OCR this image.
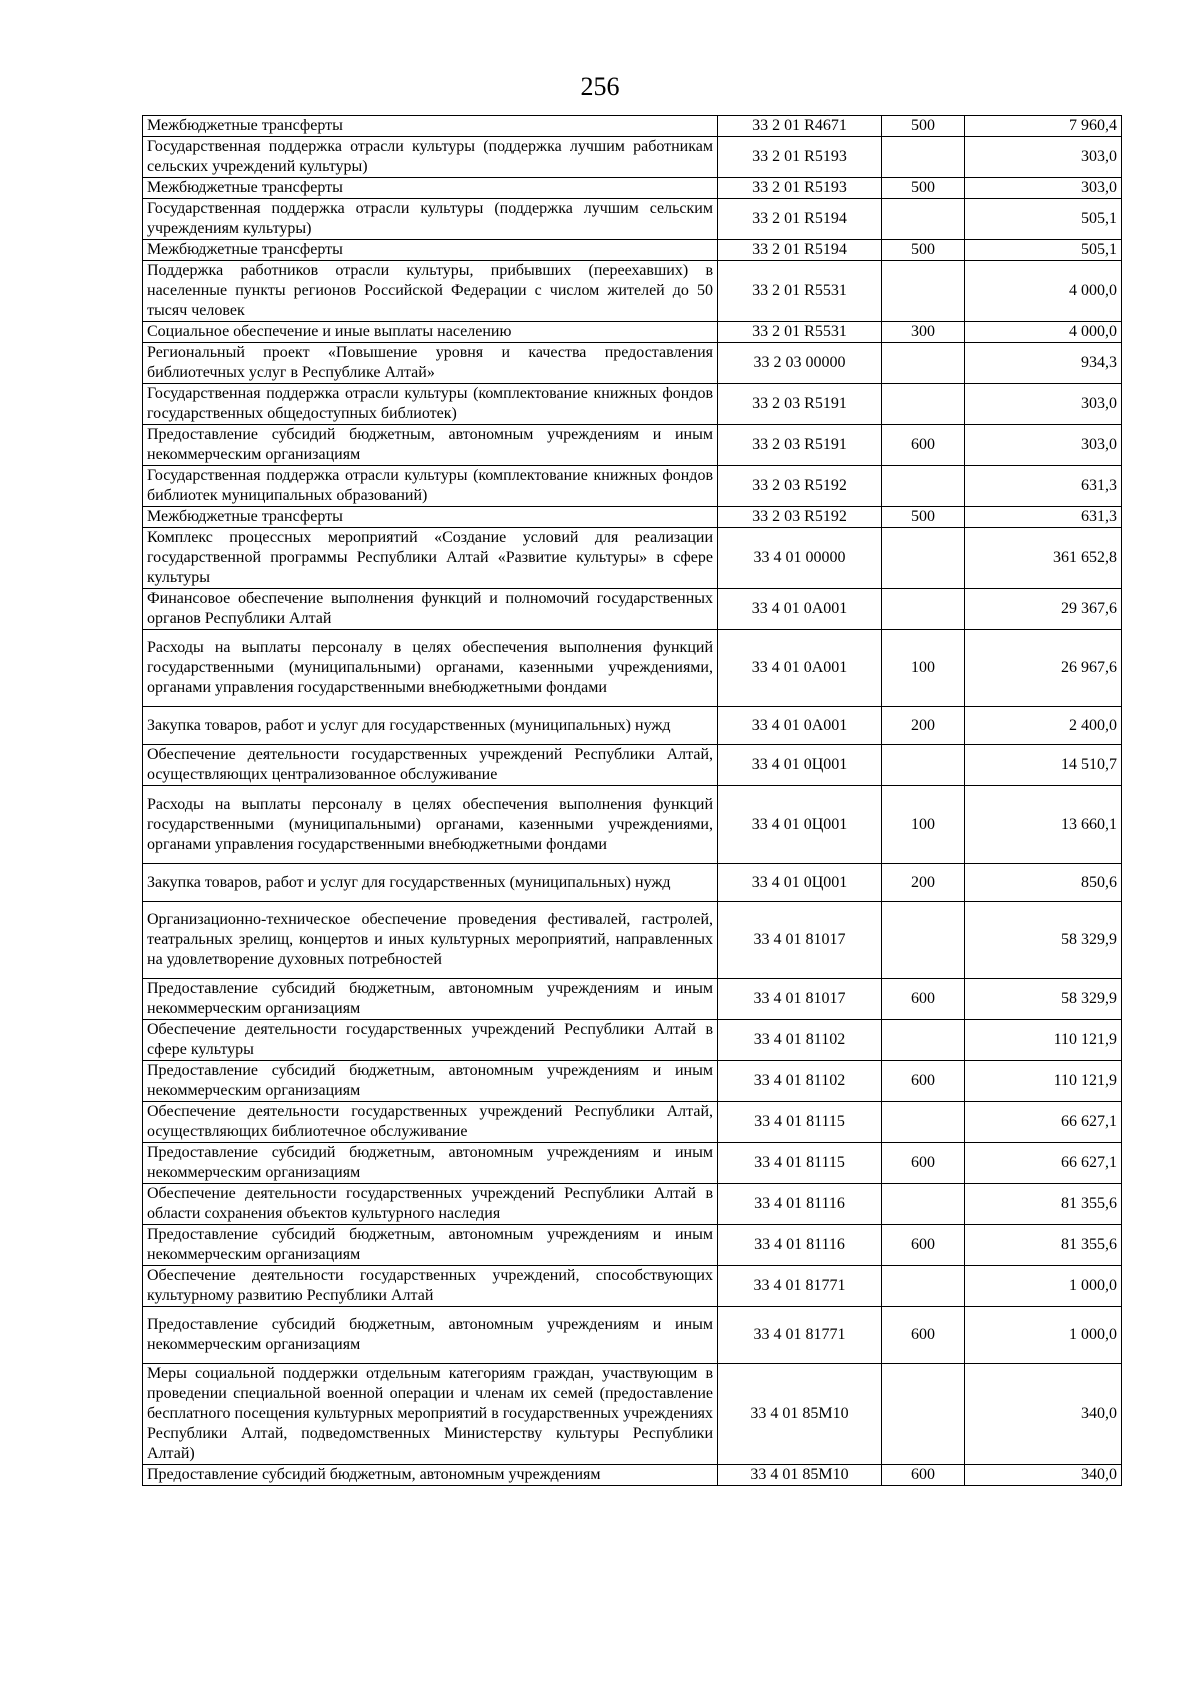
256
Межбюджетные трансферты	33 2 01 R4671	500	7 960,4
Государственная поддержка отрасли культуры (поддержка лучшим работникам сельских учреждений культуры)	33 2 01 R5193		303,0
Межбюджетные трансферты	33 2 01 R5193	500	303,0
Государственная поддержка отрасли культуры (поддержка лучшим сельским учреждениям культуры)	33 2 01 R5194		505,1
Межбюджетные трансферты	33 2 01 R5194	500	505,1
Поддержка работников отрасли культуры, прибывших (переехавших) в населенные пункты регионов Российской Федерации с числом жителей до 50 тысяч человек	33 2 01 R5531		4 000,0
Социальное обеспечение и иные выплаты населению	33 2 01 R5531	300	4 000,0
Региональный проект «Повышение уровня и качества предоставления библиотечных услуг в Республике Алтай»	33 2 03 00000		934,3
Государственная поддержка отрасли культуры (комплектование книжных фондов государственных общедоступных библиотек)	33 2 03 R5191		303,0
Предоставление субсидий бюджетным, автономным учреждениям и иным некоммерческим организациям	33 2 03 R5191	600	303,0
Государственная поддержка отрасли культуры (комплектование книжных фондов библиотек муниципальных образований)	33 2 03 R5192		631,3
Межбюджетные трансферты	33 2 03 R5192	500	631,3
Комплекс процессных мероприятий «Создание условий для реализации государственной программы Республики Алтай «Развитие культуры» в сфере культуры	33 4 01 00000		361 652,8
Финансовое обеспечение выполнения функций и полномочий государственных органов Республики Алтай	33 4 01 0А001		29 367,6
Расходы на выплаты персоналу в целях обеспечения выполнения функций государственными (муниципальными) органами, казенными учреждениями, органами управления государственными внебюджетными фондами	33 4 01 0А001	100	26 967,6
Закупка товаров, работ и услуг для государственных (муниципальных) нужд	33 4 01 0А001	200	2 400,0
Обеспечение деятельности государственных учреждений Республики Алтай, осуществляющих централизованное обслуживание	33 4 01 0Ц001		14 510,7
Расходы на выплаты персоналу в целях обеспечения выполнения функций государственными (муниципальными) органами, казенными учреждениями, органами управления государственными внебюджетными фондами	33 4 01 0Ц001	100	13 660,1
Закупка товаров, работ и услуг для государственных (муниципальных) нужд	33 4 01 0Ц001	200	850,6
Организационно-техническое обеспечение проведения фестивалей, гастролей, театральных зрелищ, концертов и иных культурных мероприятий, направленных на удовлетворение духовных потребностей	33 4 01 81017		58 329,9
Предоставление субсидий бюджетным, автономным учреждениям и иным некоммерческим организациям	33 4 01 81017	600	58 329,9
Обеспечение деятельности государственных учреждений Республики Алтай в сфере культуры	33 4 01 81102		110 121,9
Предоставление субсидий бюджетным, автономным учреждениям и иным некоммерческим организациям	33 4 01 81102	600	110 121,9
Обеспечение деятельности государственных учреждений Республики Алтай, осуществляющих библиотечное обслуживание	33 4 01 81115		66 627,1
Предоставление субсидий бюджетным, автономным учреждениям и иным некоммерческим организациям	33 4 01 81115	600	66 627,1
Обеспечение деятельности государственных учреждений Республики Алтай в области сохранения объектов культурного наследия	33 4 01 81116		81 355,6
Предоставление субсидий бюджетным, автономным учреждениям и иным некоммерческим организациям	33 4 01 81116	600	81 355,6
Обеспечение деятельности государственных учреждений, способствующих культурному развитию Республики Алтай	33 4 01 81771		1 000,0
Предоставление субсидий бюджетным, автономным учреждениям и иным некоммерческим организациям	33 4 01 81771	600	1 000,0
Меры социальной поддержки отдельным категориям граждан, участвующим в проведении специальной военной операции и членам их семей (предоставление бесплатного посещения культурных мероприятий в государственных учреждениях Республики Алтай, подведомственных Министерству культуры Республики Алтай)	33 4 01 85М10		340,0
Предоставление субсидий бюджетным, автономным учреждениям	33 4 01 85М10	600	340,0
